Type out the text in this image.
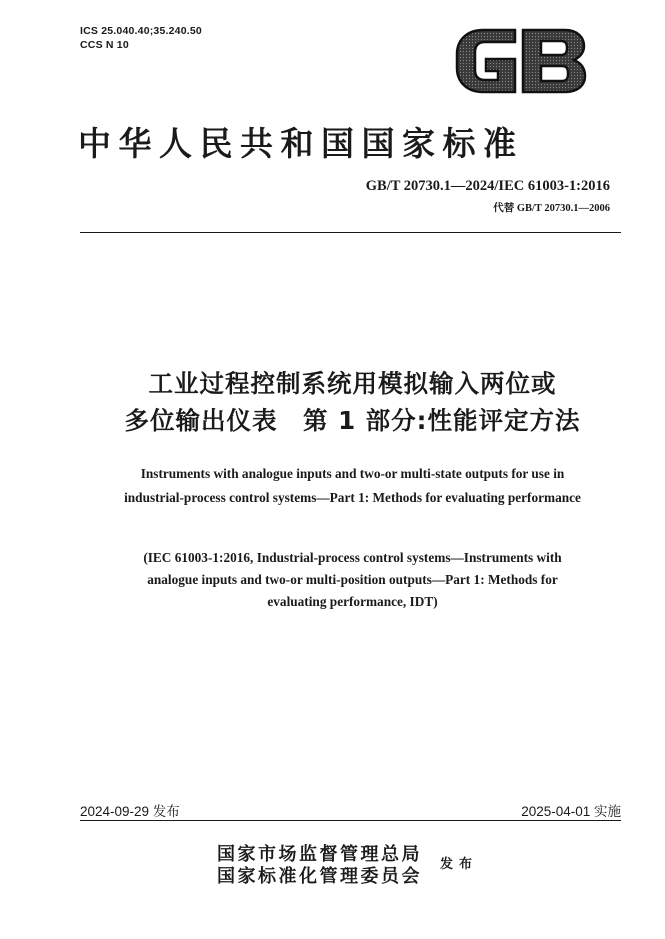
ICS 25.040.40;35.240.50
CCS N 10
中华人民共和国国家标准
GB/T 20730.1—2024/IEC 61003-1:2016
代替 GB/T 20730.1—2006
工业过程控制系统用模拟输入两位或
多位输出仪表　第 1 部分:性能评定方法
Instruments with analogue inputs and two-or multi-state outputs for use in
industrial-process control systems—Part 1: Methods for evaluating performance
(IEC 61003-1:2016, Industrial-process control systems—Instruments with
analogue inputs and two-or multi-position outputs—Part 1: Methods for
evaluating performance, IDT)
2024-09-29 发布	2025-04-01 实施
国家市场监督管理总局
国家标准化管理委员会
发布
